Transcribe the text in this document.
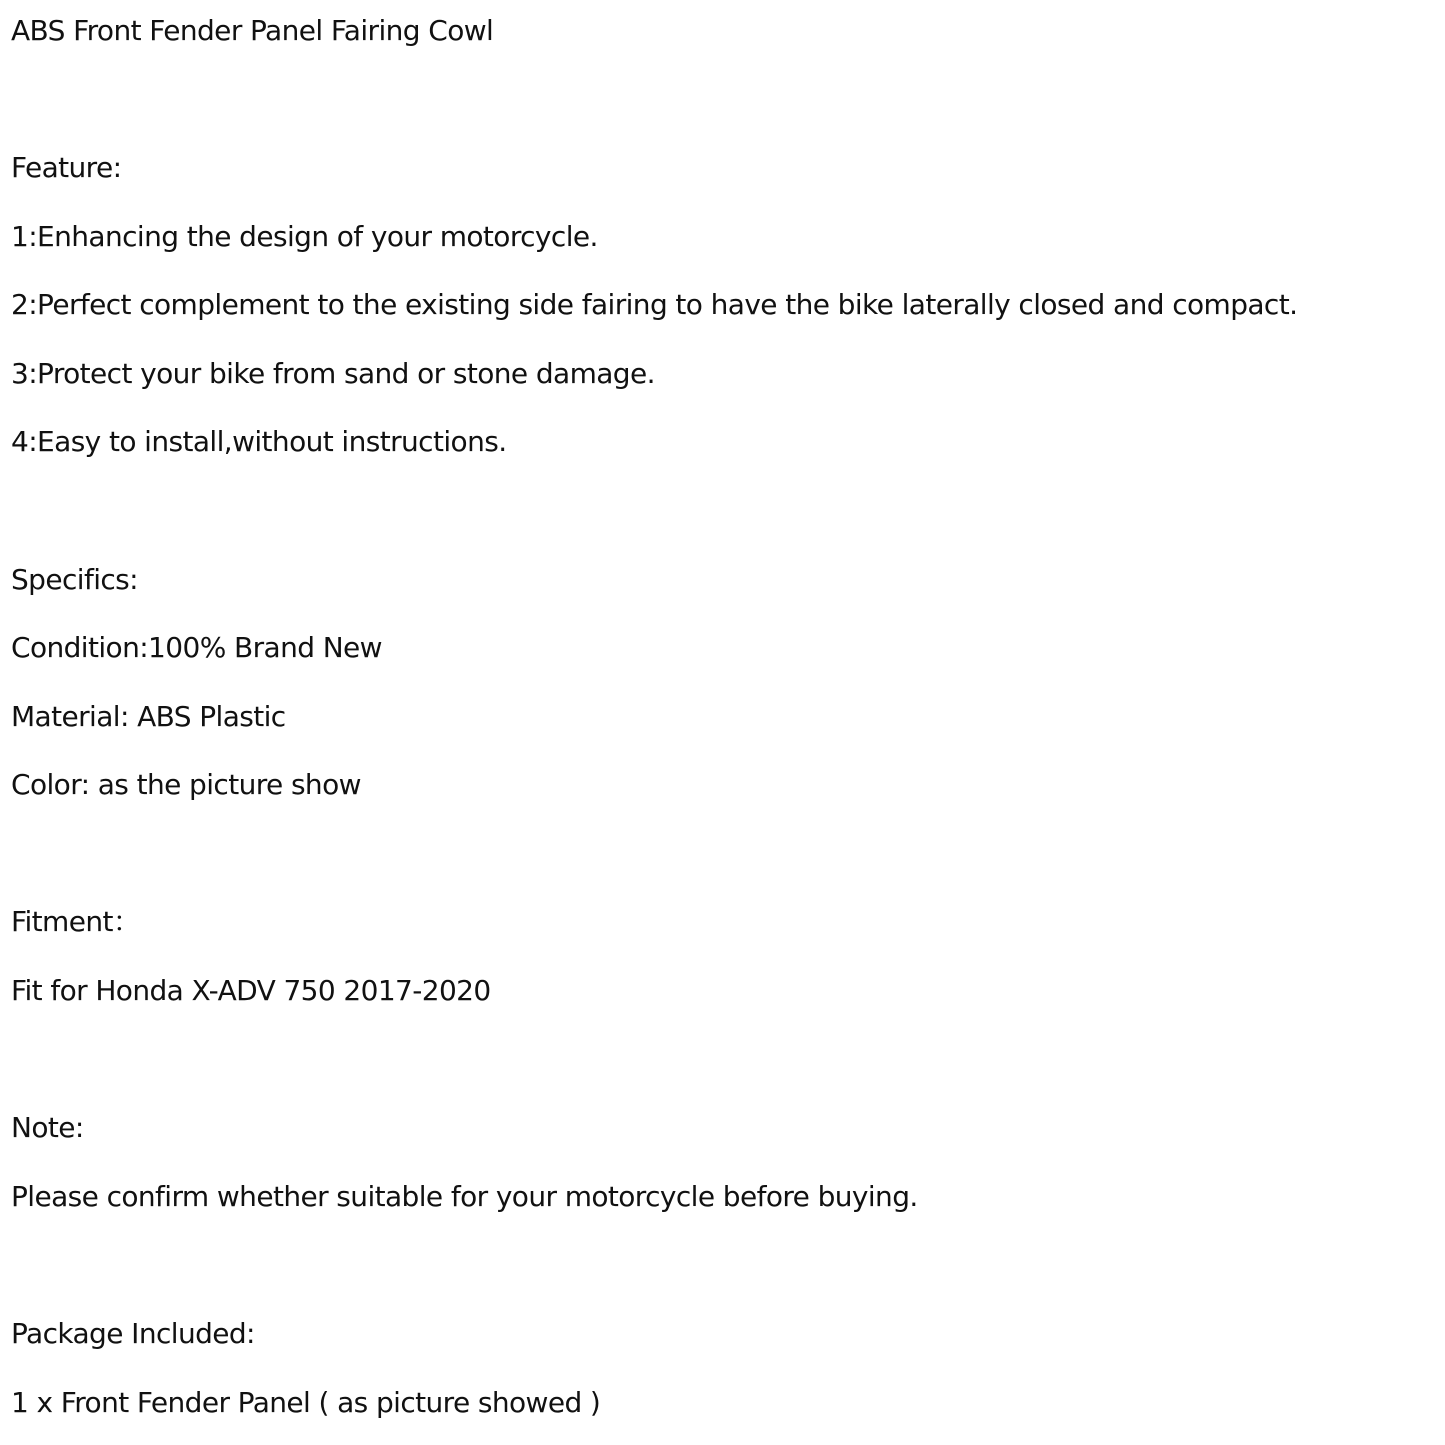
ABS Front Fender Panel Fairing Cowl
Feature:
1:Enhancing the design of your motorcycle.
2:Perfect complement to the existing side fairing to have the bike laterally closed and compact.
3:Protect your bike from sand or stone damage.
4:Easy to install,without instructions.
Specifics:
Condition:100% Brand New
Material: ABS Plastic
Color: as the picture show
Fitment：
Fit for Honda X-ADV 750 2017-2020
Note:
Please confirm whether suitable for your motorcycle before buying.
Package Included:
1 x Front Fender Panel ( as picture showed )
